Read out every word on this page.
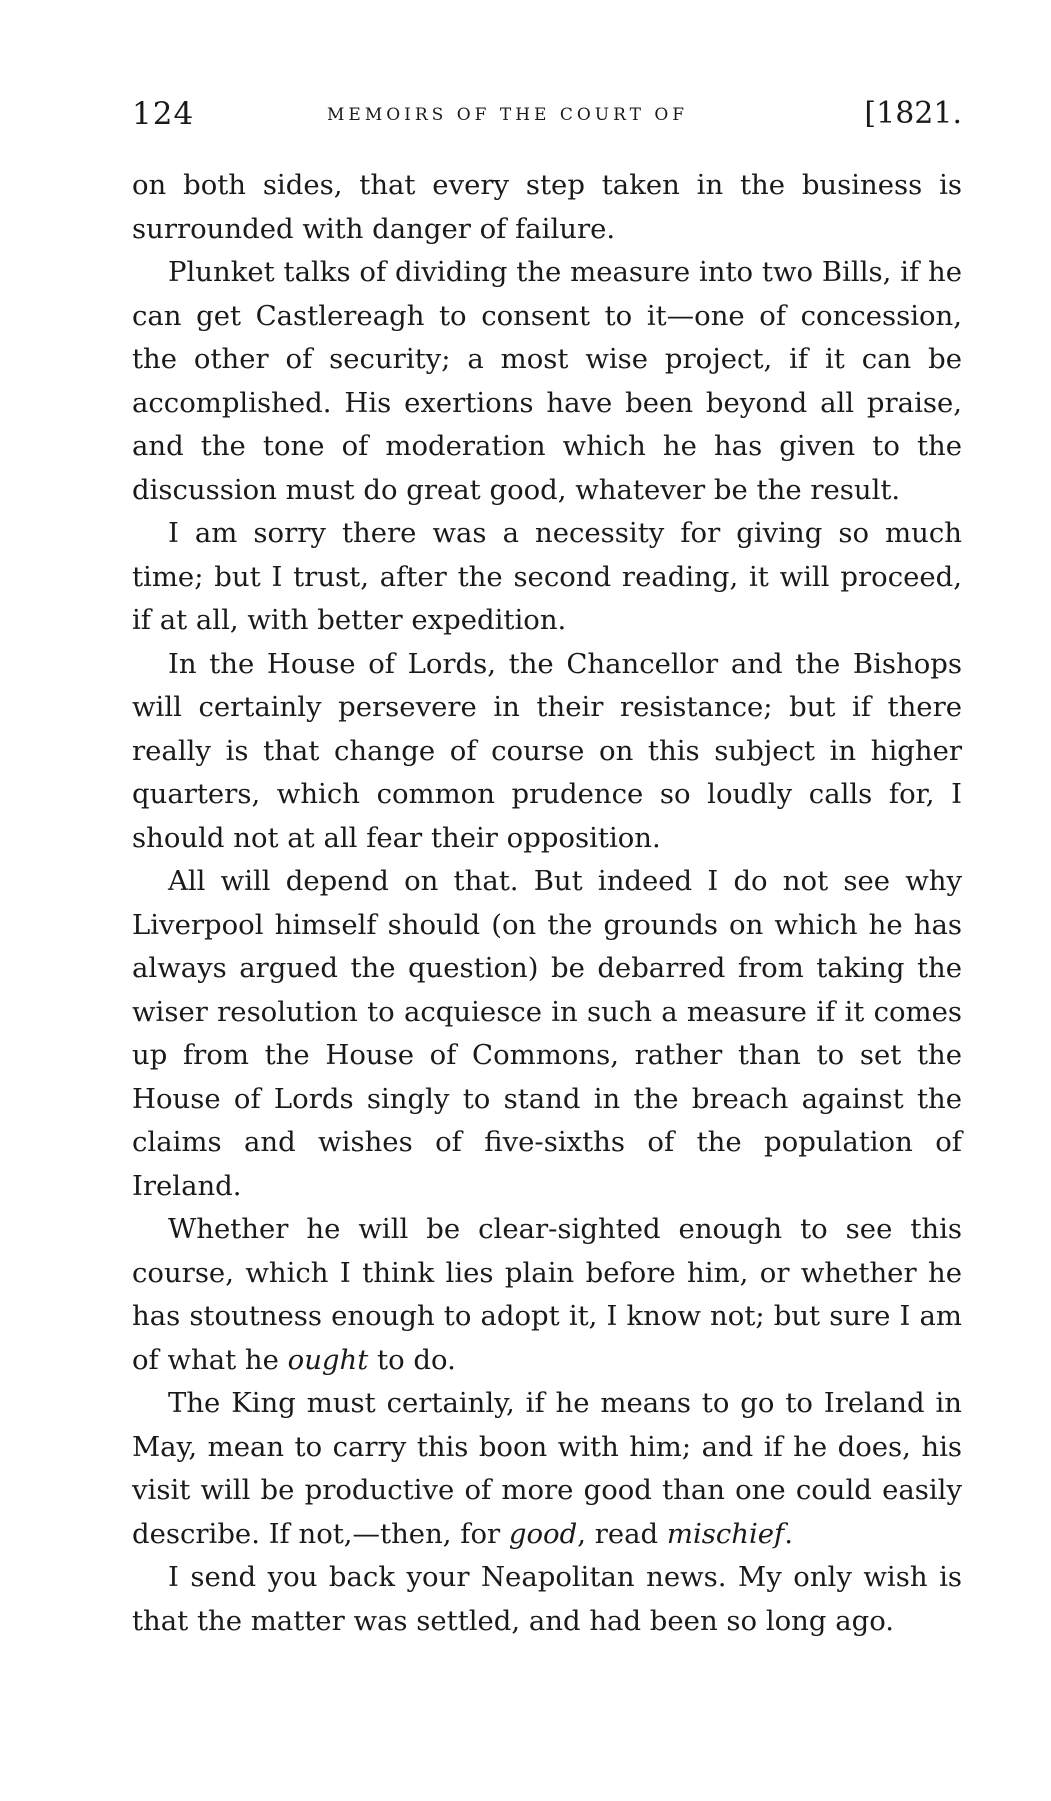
124	MEMOIRS OF THE COURT OF	[1821.

on both sides, that every step taken in the business is surrounded with danger of failure.

Plunket talks of dividing the measure into two Bills, if he can get Castlereagh to consent to it—one of concession, the other of security; a most wise project, if it can be accomplished. His exertions have been beyond all praise, and the tone of moderation which he has given to the discussion must do great good, whatever be the result.

I am sorry there was a necessity for giving so much time; but I trust, after the second reading, it will proceed, if at all, with better expedition.

In the House of Lords, the Chancellor and the Bishops will certainly persevere in their resistance; but if there really is that change of course on this subject in higher quarters, which common prudence so loudly calls for, I should not at all fear their opposition.

All will depend on that. But indeed I do not see why Liverpool himself should (on the grounds on which he has always argued the question) be debarred from taking the wiser resolution to acquiesce in such a measure if it comes up from the House of Commons, rather than to set the House of Lords singly to stand in the breach against the claims and wishes of five-sixths of the population of Ireland.

Whether he will be clear-sighted enough to see this course, which I think lies plain before him, or whether he has stoutness enough to adopt it, I know not; but sure I am of what he ought to do.

The King must certainly, if he means to go to Ireland in May, mean to carry this boon with him; and if he does, his visit will be productive of more good than one could easily describe. If not,—then, for good, read mischief.

I send you back your Neapolitan news. My only wish is that the matter was settled, and had been so long ago.
